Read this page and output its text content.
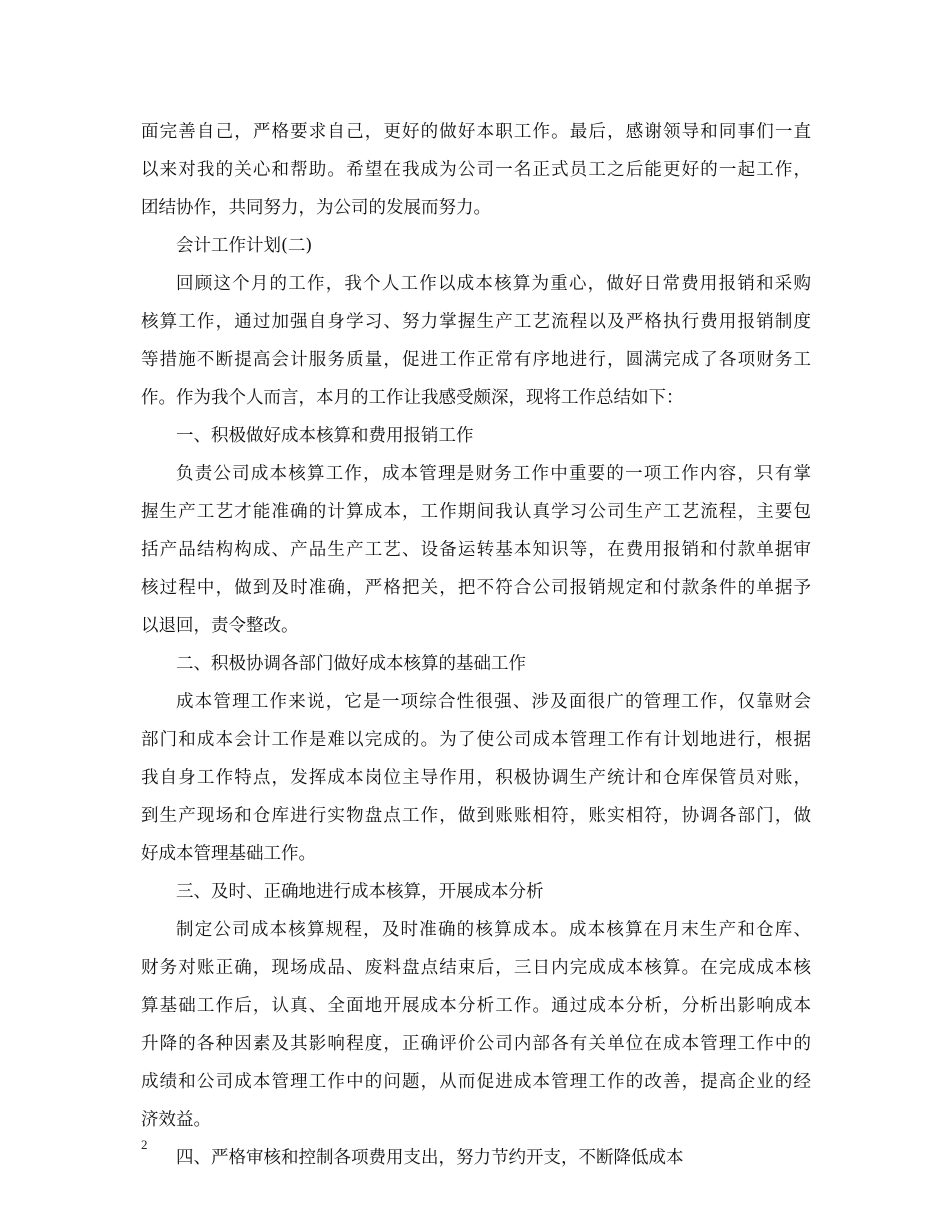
面完善自己，严格要求自己，更好的做好本职工作。最后，感谢领导和同事们一直
以来对我的关心和帮助。希望在我成为公司一名正式员工之后能更好的一起工作，
团结协作，共同努力，为公司的发展而努力。
会计工作计划(二)
回顾这个月的工作，我个人工作以成本核算为重心，做好日常费用报销和采购
核算工作，通过加强自身学习、努力掌握生产工艺流程以及严格执行费用报销制度
等措施不断提高会计服务质量，促进工作正常有序地进行，圆满完成了各项财务工
作。作为我个人而言，本月的工作让我感受颇深，现将工作总结如下：
一、积极做好成本核算和费用报销工作
负责公司成本核算工作，成本管理是财务工作中重要的一项工作内容，只有掌
握生产工艺才能准确的计算成本，工作期间我认真学习公司生产工艺流程，主要包
括产品结构构成、产品生产工艺、设备运转基本知识等，在费用报销和付款单据审
核过程中，做到及时准确，严格把关，把不符合公司报销规定和付款条件的单据予
以退回，责令整改。
二、积极协调各部门做好成本核算的基础工作
成本管理工作来说，它是一项综合性很强、涉及面很广的管理工作，仅靠财会
部门和成本会计工作是难以完成的。为了使公司成本管理工作有计划地进行，根据
我自身工作特点，发挥成本岗位主导作用，积极协调生产统计和仓库保管员对账，
到生产现场和仓库进行实物盘点工作，做到账账相符，账实相符，协调各部门，做
好成本管理基础工作。
三、及时、正确地进行成本核算，开展成本分析
制定公司成本核算规程，及时准确的核算成本。成本核算在月末生产和仓库、
财务对账正确，现场成品、废料盘点结束后，三日内完成成本核算。在完成成本核
算基础工作后，认真、全面地开展成本分析工作。通过成本分析，分析出影响成本
升降的各种因素及其影响程度，正确评价公司内部各有关单位在成本管理工作中的
成绩和公司成本管理工作中的问题，从而促进成本管理工作的改善，提高企业的经
济效益。
四、严格审核和控制各项费用支出，努力节约开支，不断降低成本
2
